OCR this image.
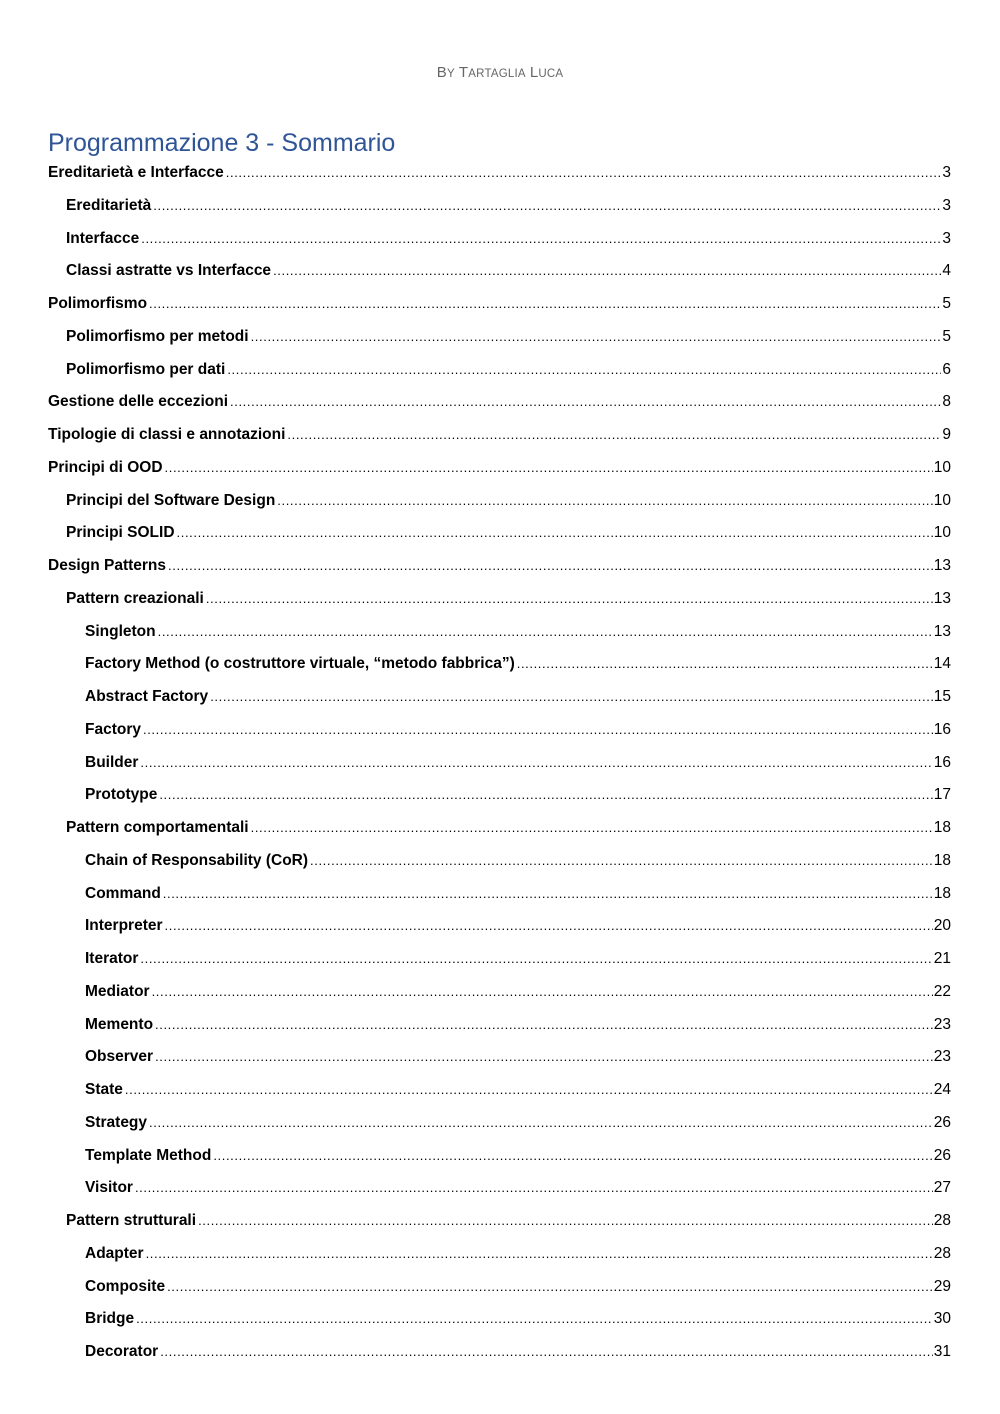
BY TARTAGLIA LUCA
Programmazione 3 - Sommario
Ereditarietà e Interfacce .....	3
Ereditarietà .....	3
Interfacce .....	3
Classi astratte vs Interfacce .....	4
Polimorfismo .....	5
Polimorfismo per metodi .....	5
Polimorfismo per dati .....	6
Gestione delle eccezioni .....	8
Tipologie di classi e annotazioni .....	9
Principi di OOD .....	10
Principi del Software Design .....	10
Principi SOLID .....	10
Design Patterns .....	13
Pattern creazionali .....	13
Singleton .....	13
Factory Method (o costruttore virtuale, “metodo fabbrica”) .....	14
Abstract Factory .....	15
Factory .....	16
Builder .....	16
Prototype .....	17
Pattern comportamentali .....	18
Chain of Responsability (CoR) .....	18
Command .....	18
Interpreter .....	20
Iterator .....	21
Mediator .....	22
Memento .....	23
Observer .....	23
State .....	24
Strategy .....	26
Template Method .....	26
Visitor .....	27
Pattern strutturali .....	28
Adapter .....	28
Composite .....	29
Bridge .....	30
Decorator .....	31
